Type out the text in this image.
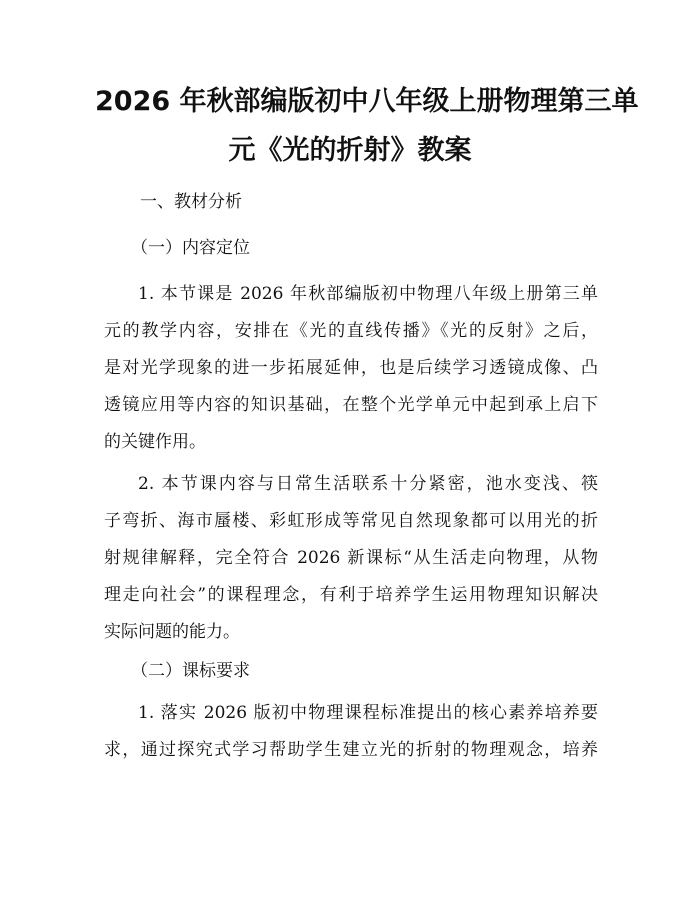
2026 年秋部编版初中八年级上册物理第三单
元《光的折射》教案

一、教材分析

（一）内容定位

1. 本节课是 2026 年秋部编版初中物理八年级上册第三单
元的教学内容，安排在《光的直线传播》《光的反射》之后，
是对光学现象的进一步拓展延伸，也是后续学习透镜成像、凸
透镜应用等内容的知识基础，在整个光学单元中起到承上启下
的关键作用。
2. 本节课内容与日常生活联系十分紧密，池水变浅、筷
子弯折、海市蜃楼、彩虹形成等常见自然现象都可以用光的折
射规律解释，完全符合 2026 新课标“从生活走向物理，从物
理走向社会”的课程理念，有利于培养学生运用物理知识解决
实际问题的能力。

（二）课标要求

1. 落实 2026 版初中物理课程标准提出的核心素养培养要
求，通过探究式学习帮助学生建立光的折射的物理观念，培养
